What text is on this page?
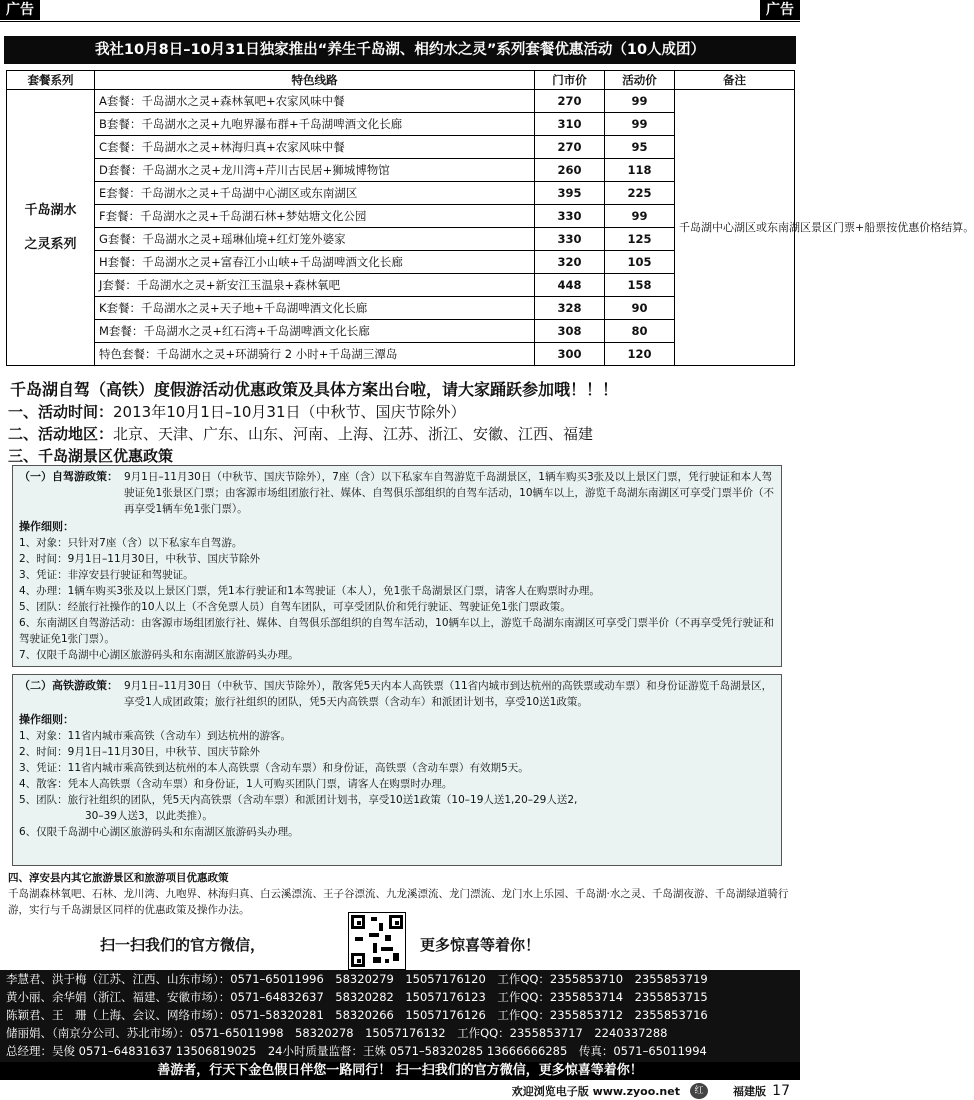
广告	广告
我社10月8日–10月31日独家推出“养生千岛湖、相约水之灵”系列套餐优惠活动（10人成团）
套餐系列	特色线路	门市价	活动价	备注
千岛湖水
之灵系列	A套餐：千岛湖水之灵+森林氧吧+农家风味中餐	270	99	千岛湖中心湖区或东南湖区景区门票+船票按优惠价格结算。
	B套餐：千岛湖水之灵+九咆界瀑布群+千岛湖啤酒文化长廊	310	99	
	C套餐：千岛湖水之灵+林海归真+农家风味中餐	270	95	
	D套餐：千岛湖水之灵+龙川湾+芹川古民居+狮城博物馆	260	118	
	E套餐：千岛湖水之灵+千岛湖中心湖区或东南湖区	395	225	
	F套餐：千岛湖水之灵+千岛湖石林+梦姑塘文化公园	330	99	
	G套餐：千岛湖水之灵+瑶琳仙境+红灯笼外婆家	330	125	
	H套餐：千岛湖水之灵+富春江小山峡+千岛湖啤酒文化长廊	320	105	
	J套餐：千岛湖水之灵+新安江玉温泉+森林氧吧	448	158	
	K套餐：千岛湖水之灵+天子地+千岛湖啤酒文化长廊	328	90	
	M套餐：千岛湖水之灵+红石湾+千岛湖啤酒文化长廊	308	80	
	特色套餐：千岛湖水之灵+环湖骑行 2 小时+千岛湖三潭岛	300	120	
千岛湖自驾（高铁）度假游活动优惠政策及具体方案出台啦，请大家踊跃参加哦！！！
一、活动时间：2013年10月1日–10月31日（中秋节、国庆节除外）
二、活动地区：北京、天津、广东、山东、河南、上海、江苏、浙江、安徽、江西、福建
三、千岛湖景区优惠政策
（一）自驾游政策： 9月1日–11月30日（中秋节、国庆节除外），7座（含）以下私家车自驾游览千岛湖景区，1辆车购买3张及以上景区门票，凭行驶证和本人驾驶证免1张景区门票；由客源市场组团旅行社、媒体、自驾俱乐部组织的自驾车活动，10辆车以上，游览千岛湖东南湖区可享受门票半价（不再享受1辆车免1张门票）。

操作细则：

1、对象：只针对7座（含）以下私家车自驾游。

2、时间：9月1日–11月30日，中秋节、国庆节除外

3、凭证：非淳安县行驶证和驾驶证。

4、办理：1辆车购买3张及以上景区门票，凭1本行驶证和1本驾驶证（本人），免1张千岛湖景区门票，请客人在购票时办理。

5、团队：经旅行社操作的10人以上（不含免票人员）自驾车团队，可享受团队价和凭行驶证、驾驶证免1张门票政策。

6、东南湖区自驾游活动：由客源市场组团旅行社、媒体、自驾俱乐部组织的自驾车活动，10辆车以上，游览千岛湖东南湖区可享受门票半价（不再享受凭行驶证和驾驶证免1张门票）。

7、仅限千岛湖中心湖区旅游码头和东南湖区旅游码头办理。

（二）高铁游政策： 9月1日–11月30日（中秋节、国庆节除外），散客凭5天内本人高铁票（11省内城市到达杭州的高铁票或动车票）和身份证游览千岛湖景区，享受1人成团政策；旅行社组织的团队，凭5天内高铁票（含动车）和派团计划书，享受10送1政策。

操作细则：

1、对象：11省内城市乘高铁（含动车）到达杭州的游客。

2、时间：9月1日–11月30日，中秋节、国庆节除外

3、凭证：11省内城市乘高铁到达杭州的本人高铁票（含动车票）和身份证，高铁票（含动车票）有效期5天。

4、散客：凭本人高铁票（含动车票）和身份证，1人可购买团队门票，请客人在购票时办理。

5、团队：旅行社组织的团队，凭5天内高铁票（含动车票）和派团计划书，享受10送1政策（10–19人送1,20–29人送2,

30–39人送3，以此类推）。

6、仅限千岛湖中心湖区旅游码头和东南湖区旅游码头办理。

四、淳安县内其它旅游景区和旅游项目优惠政策
千岛湖森林氧吧、石林、龙川湾、九咆界、林海归真、白云溪漂流、王子谷漂流、九龙溪漂流、龙门漂流、龙门水上乐园、千岛湖·水之灵、千岛湖夜游、千岛湖绿道骑行游，实行与千岛湖景区同样的优惠政策及操作办法。
扫一扫我们的官方微信，	更多惊喜等着你！
李慧君、洪于梅（江苏、江西、山东市场）：0571–65011996　58320279　15057176120　工作QQ：2355853710　2355853719
黄小丽、余华娟（浙江、福建、安徽市场）：0571–64832637　58320282　15057176123　工作QQ：2355853714　2355853715
陈颖君、王　珊（上海、会议、网络市场）：0571–58320281　58320266　15057176126　工作QQ：2355853712　2355853716
储丽娟、（南京分公司、苏北市场）：0571–65011998　58320278　15057176132　工作QQ：2355853717　2240337288
总经理：吴俊 0571–64831637 13506819025　24小时质量监督：王姝 0571–58320285 13666666285　传真：0571–65011994
善游者，行天下金色假日伴您一路同行！ 扫一扫我们的官方微信，更多惊喜等着你！
欢迎浏览电子版 www.zyoo.net	红	福建版 17
